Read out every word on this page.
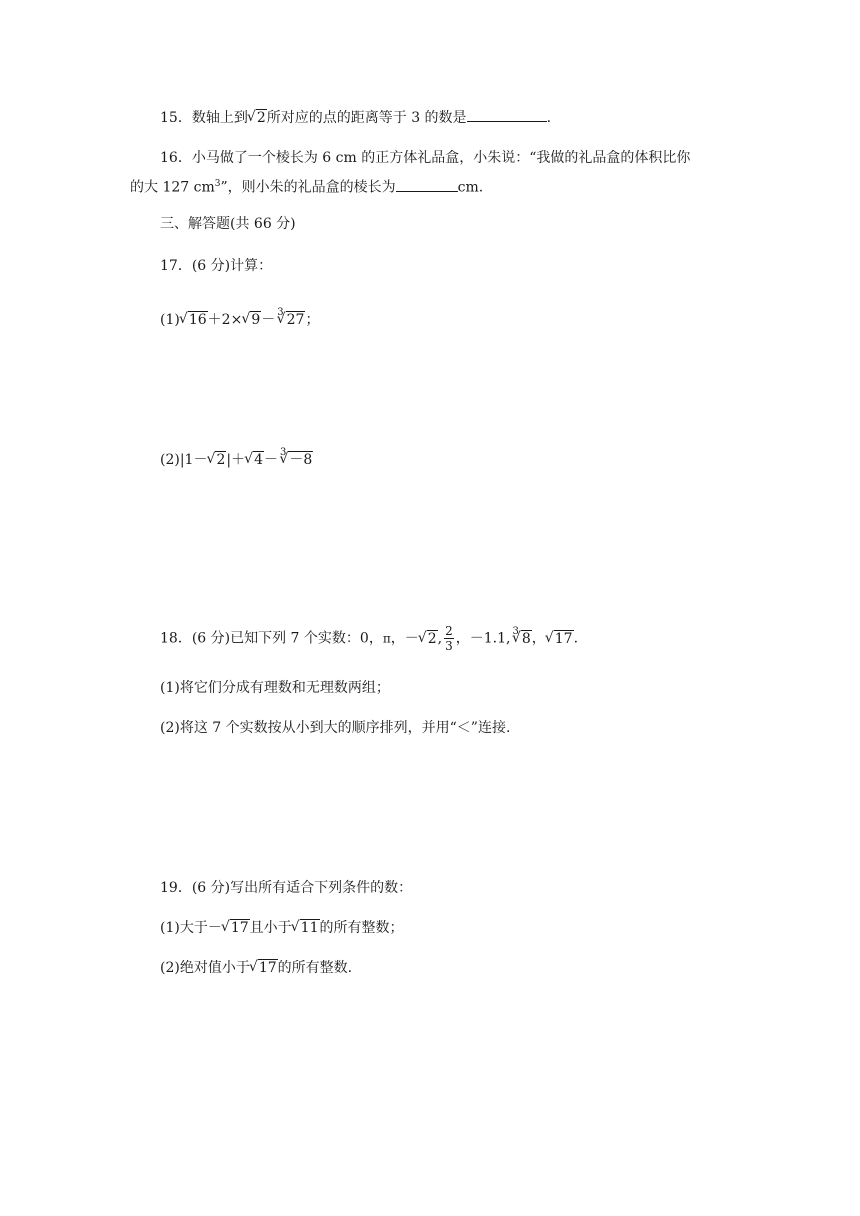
15．数轴上到 √ 2所对应的点的距离等于 3 的数是	.
16．小马做了一个棱长为 6 cm 的正方体礼品盒，小朱说：“我做的礼品盒的体积比你
的大 127 $cm^3$”，则小朱的礼品盒的棱长为	cm.
三、解答题(共 66 分)
17．(6 分)计算：
(1) √ 16＋2× √ 9－ $^3$ √ 27；
(2)|1－ √ 2|＋ √ 4－ $^3$ √ －8
18．(6 分)已知下列 7 个实数：0，π，－ √ 2, $\frac{2}{3}$ ，－1.1, $^3$ √ 8， √ 17.
(1)将它们分成有理数和无理数两组；
(2)将这 7 个实数按从小到大的顺序排列，并用“＜”连接.
19．(6 分)写出所有适合下列条件的数：
(1)大于－ √ 17且小于 √ 11的所有整数；
(2)绝对值小于 √ 17的所有整数.
